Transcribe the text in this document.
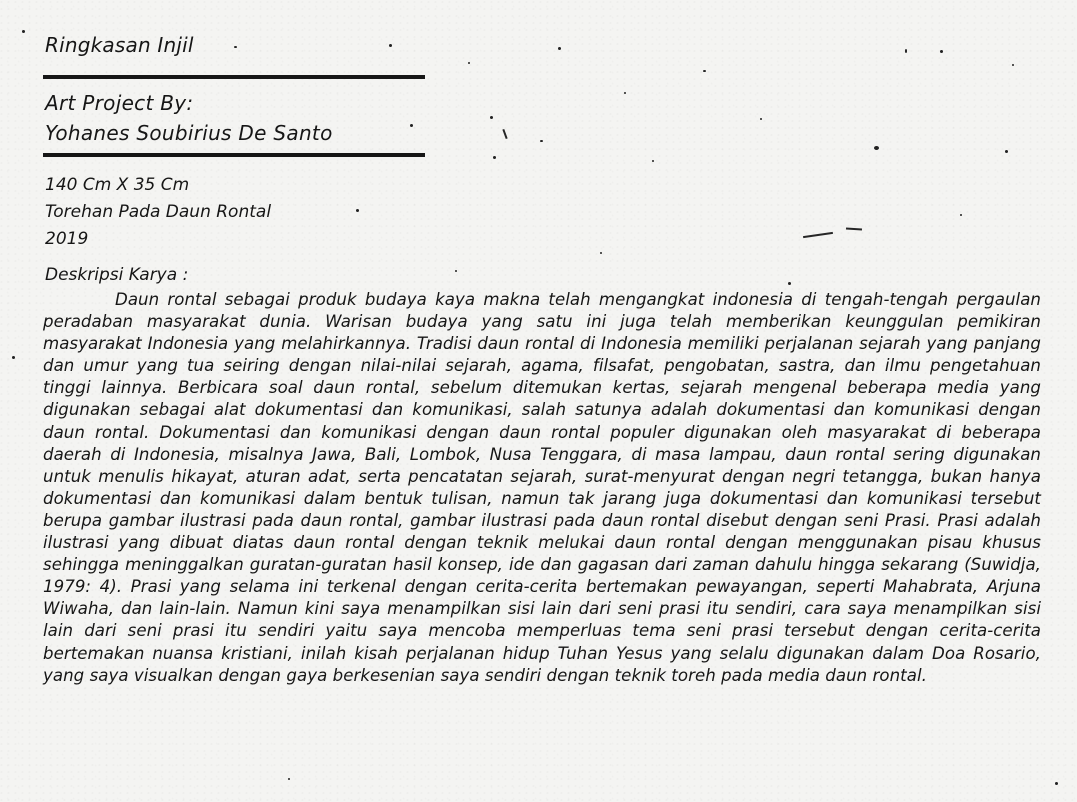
Ringkasan Injil
Art Project By:
Yohanes Soubirius De Santo
140 Cm X 35 Cm
Torehan Pada Daun Rontal
2019
Deskripsi Karya :
Daun rontal sebagai produk budaya kaya makna telah mengangkat indonesia di tengah-tengah pergaulan peradaban masyarakat dunia. Warisan budaya yang satu ini juga telah memberikan keunggulan pemikiran masyarakat Indonesia yang melahirkannya. Tradisi daun rontal di Indonesia memiliki perjalanan sejarah yang panjang dan umur yang tua seiring dengan nilai-nilai sejarah, agama, filsafat, pengobatan, sastra, dan ilmu pengetahuan tinggi lainnya. Berbicara soal daun rontal, sebelum ditemukan kertas, sejarah mengenal beberapa media yang digunakan sebagai alat dokumentasi dan komunikasi, salah satunya adalah dokumentasi dan komunikasi dengan daun rontal. Dokumentasi dan komunikasi dengan daun rontal populer digunakan oleh masyarakat di beberapa daerah di Indonesia, misalnya Jawa, Bali, Lombok, Nusa Tenggara, di masa lampau, daun rontal sering digunakan untuk menulis hikayat, aturan adat, serta pencatatan sejarah, surat-menyurat dengan negri tetangga, bukan hanya dokumentasi dan komunikasi dalam bentuk tulisan, namun tak jarang juga dokumentasi dan komunikasi tersebut berupa gambar ilustrasi pada daun rontal, gambar ilustrasi pada daun rontal disebut dengan seni Prasi. Prasi adalah ilustrasi yang dibuat diatas daun rontal dengan teknik melukai daun rontal dengan menggunakan pisau khusus sehingga meninggalkan guratan-guratan hasil konsep, ide dan gagasan dari zaman dahulu hingga sekarang (Suwidja, 1979: 4). Prasi yang selama ini terkenal dengan cerita-cerita bertemakan pewayangan, seperti Mahabrata, Arjuna Wiwaha, dan lain-lain. Namun kini saya menampilkan sisi lain dari seni prasi itu sendiri, cara saya menampilkan sisi lain dari seni prasi itu sendiri yaitu saya mencoba memperluas tema seni prasi tersebut dengan cerita-cerita bertemakan nuansa kristiani, inilah kisah perjalanan hidup Tuhan Yesus yang selalu digunakan dalam Doa Rosario, yang saya visualkan dengan gaya berkesenian saya sendiri dengan teknik toreh pada media daun rontal.
